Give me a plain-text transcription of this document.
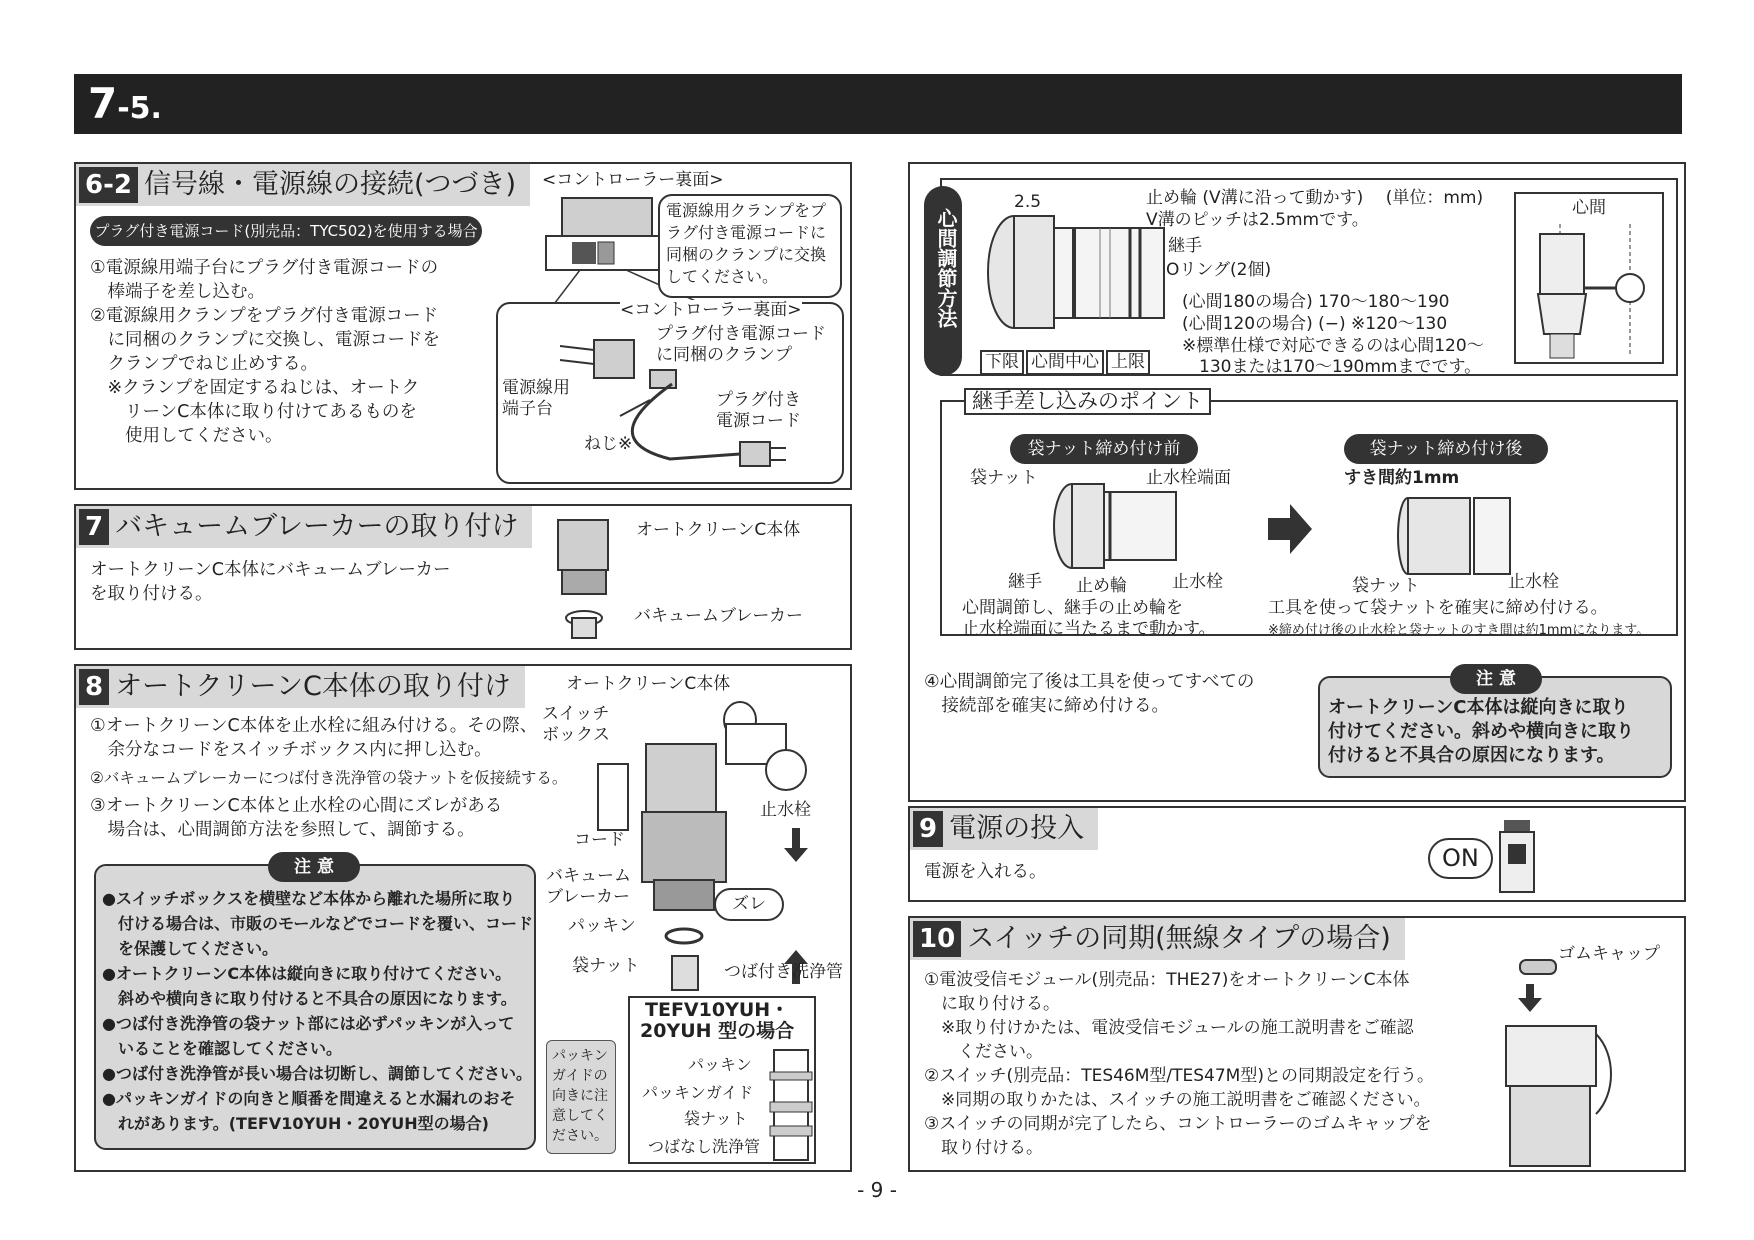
7-5.
6-2 信号線・電源線の接続(つづき)
プラグ付き電源コード(別売品：TYC502)を使用する場合
①電源線用端子台にプラグ付き電源コードの
　棒端子を差し込む。
②電源線用クランプをプラグ付き電源コード
　に同梱のクランプに交換し、電源コードを
　クランプでねじ止めする。
　※クランプを固定するねじは、オートク
　　リーンC本体に取り付けてあるものを
　　使用してください。
<コントローラー裏面>
電源線用クランプをプ
ラグ付き電源コードに
同梱のクランプに交換
してください。
<コントローラー裏面>
プラグ付き電源コード
に同梱のクランプ
電源線用
端子台	プラグ付き
電源コード
ねじ※
7 バキュームブレーカーの取り付け
オートクリーンC本体にバキュームブレーカー
を取り付ける。
オートクリーンC本体
バキュームブレーカー
8 オートクリーンC本体の取り付け
①オートクリーンC本体を止水栓に組み付ける。その際、
　余分なコードをスイッチボックス内に押し込む。
②バキュームブレーカーにつば付き洗浄管の袋ナットを仮接続する。
③オートクリーンC本体と止水栓の心間にズレがある
　場合は、心間調節方法を参照して、調節する。
注 意
●スイッチボックスを横壁など本体から離れた場所に取り
　付ける場合は、市販のモールなどでコードを覆い、コード
　を保護してください。
●オートクリーンC本体は縦向きに取り付けてください。
　斜めや横向きに取り付けると不具合の原因になります。
●つば付き洗浄管の袋ナット部には必ずパッキンが入って
　いることを確認してください。
●つば付き洗浄管が長い場合は切断し、調節してください。
●パッキンガイドの向きと順番を間違えると水漏れのおそ
　れがあります。(TEFV10YUH・20YUH型の場合)
オートクリーンC本体
スイッチ
ボックス
止水栓
コード
バキューム
ブレーカー	ズレ
パッキン
袋ナット	つば付き洗浄管
TEFV10YUH・
20YUH 型の場合
パッキン
ガイドの
向きに注
意してく
ださい。
パッキン
パッキンガイド
袋ナット
つばなし洗浄管
心間調節方法
2.5	止め輪 (V溝に沿って動かす)　 (単位：mm)
V溝のピッチは2.5mmです。
継手
Oリング(2個)
(心間180の場合) 170〜180〜190
(心間120の場合) (−) ※120〜130
※標準仕様で対応できるのは心間120〜
　130または170〜190mmまでです。
下限 心間中心 上限
心間
継手差し込みのポイント
袋ナット締め付け前	袋ナット締め付け後
袋ナット	止水栓端面
継手 止め輪	止水栓
心間調節し、継手の止め輪を
止水栓端面に当たるまで動かす。
すき間約1mm
袋ナット	止水栓
工具を使って袋ナットを確実に締め付ける。
※締め付け後の止水栓と袋ナットのすき間は約1mmになります。
④心間調節完了後は工具を使ってすべての
　接続部を確実に締め付ける。
注 意
オートクリーンC本体は縦向きに取り
付けてください。斜めや横向きに取り
付けると不具合の原因になります。
9 電源の投入
電源を入れる。	ON
10 スイッチの同期(無線タイプの場合)
①電波受信モジュール(別売品：THE27)をオートクリーンC本体
　に取り付ける。
　※取り付けかたは、電波受信モジュールの施工説明書をご確認
　　ください。
②スイッチ(別売品：TES46M型/TES47M型)との同期設定を行う。
　※同期の取りかたは、スイッチの施工説明書をご確認ください。
③スイッチの同期が完了したら、コントローラーのゴムキャップを
　取り付ける。
ゴムキャップ
- 9 -
